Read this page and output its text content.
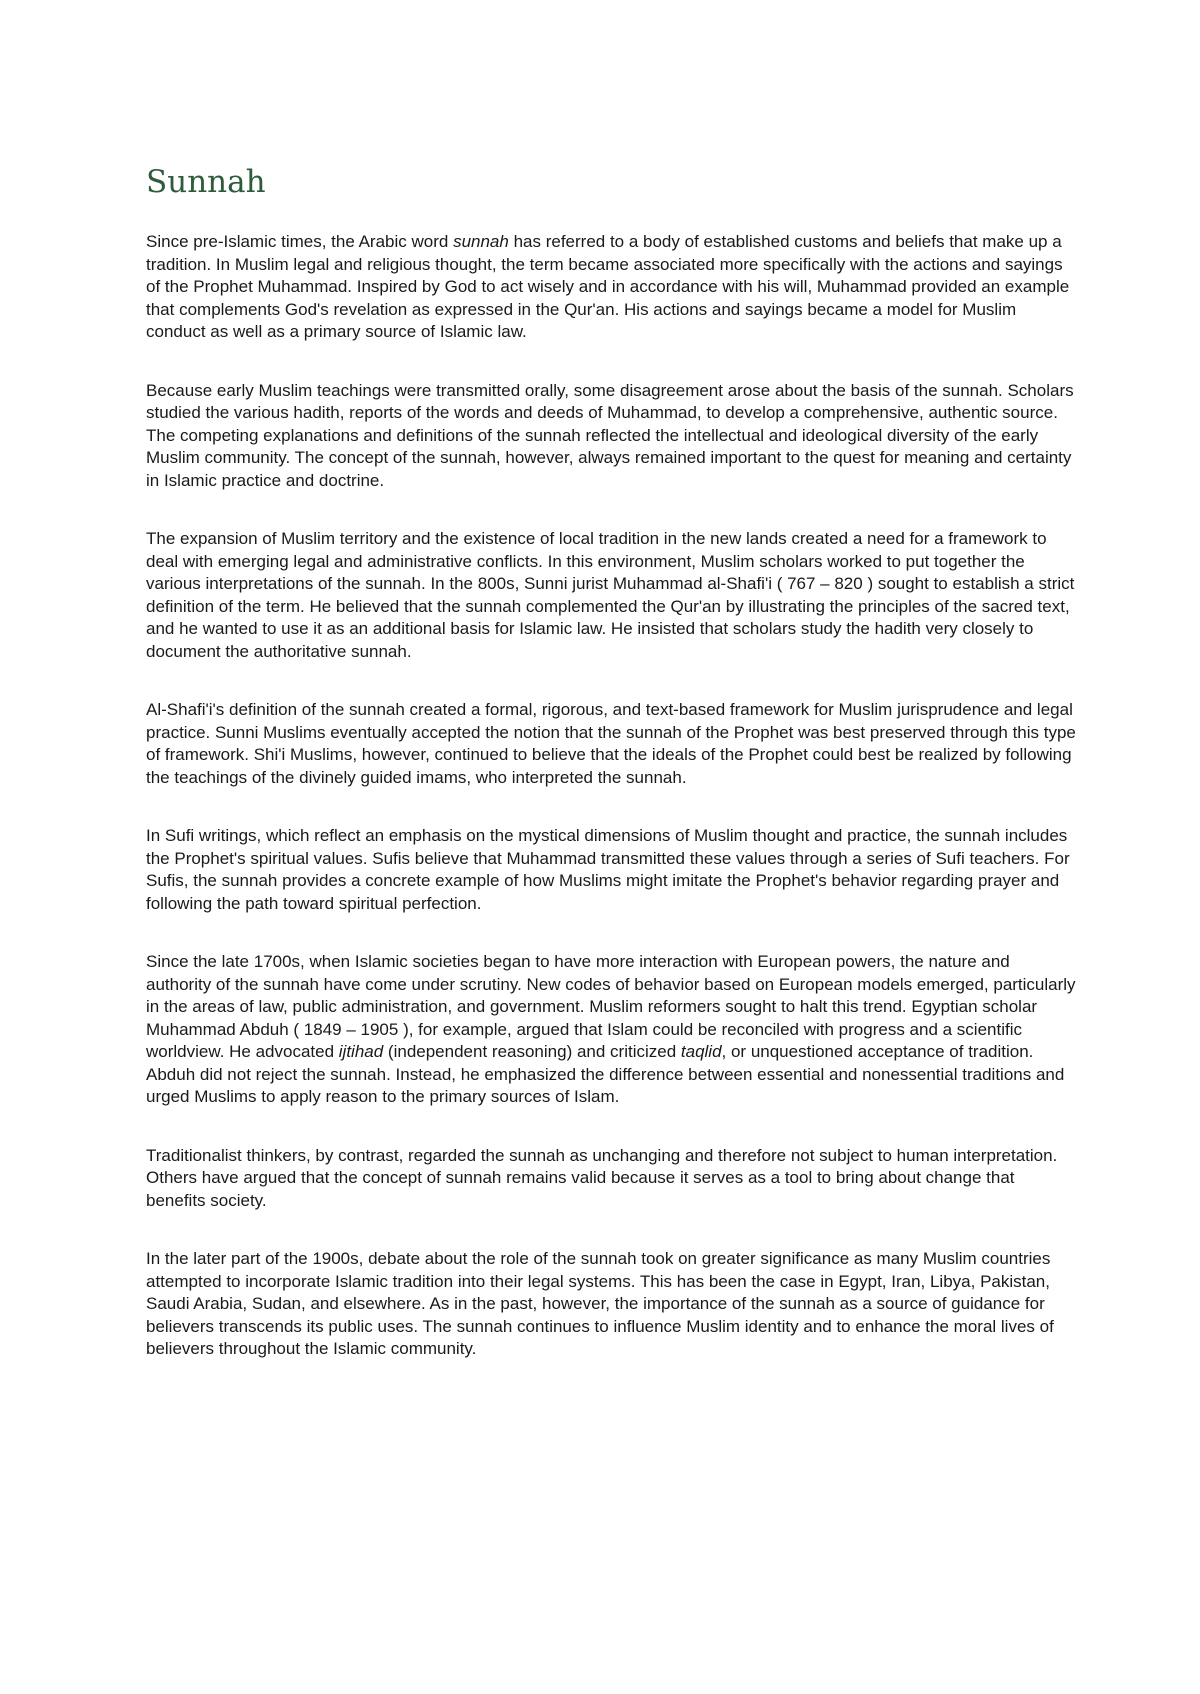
Sunnah

Since pre-Islamic times, the Arabic word sunnah has referred to a body of established customs and beliefs that make up a tradition. In Muslim legal and religious thought, the term became associated more specifically with the actions and sayings of the Prophet Muhammad. Inspired by God to act wisely and in accordance with his will, Muhammad provided an example that complements God's revelation as expressed in the Qur'an. His actions and sayings became a model for Muslim conduct as well as a primary source of Islamic law.

Because early Muslim teachings were transmitted orally, some disagreement arose about the basis of the sunnah. Scholars studied the various hadith, reports of the words and deeds of Muhammad, to develop a comprehensive, authentic source. The competing explanations and definitions of the sunnah reflected the intellectual and ideological diversity of the early Muslim community. The concept of the sunnah, however, always remained important to the quest for meaning and certainty in Islamic practice and doctrine.

The expansion of Muslim territory and the existence of local tradition in the new lands created a need for a framework to deal with emerging legal and administrative conflicts. In this environment, Muslim scholars worked to put together the various interpretations of the sunnah. In the 800s, Sunni jurist Muhammad al-Shafi'i ( 767 – 820 ) sought to establish a strict definition of the term. He believed that the sunnah complemented the Qur'an by illustrating the principles of the sacred text, and he wanted to use it as an additional basis for Islamic law. He insisted that scholars study the hadith very closely to document the authoritative sunnah.

Al-Shafi'i's definition of the sunnah created a formal, rigorous, and text-based framework for Muslim jurisprudence and legal practice. Sunni Muslims eventually accepted the notion that the sunnah of the Prophet was best preserved through this type of framework. Shi'i Muslims, however, continued to believe that the ideals of the Prophet could best be realized by following the teachings of the divinely guided imams, who interpreted the sunnah.

In Sufi writings, which reflect an emphasis on the mystical dimensions of Muslim thought and practice, the sunnah includes the Prophet's spiritual values. Sufis believe that Muhammad transmitted these values through a series of Sufi teachers. For Sufis, the sunnah provides a concrete example of how Muslims might imitate the Prophet's behavior regarding prayer and following the path toward spiritual perfection.

Since the late 1700s, when Islamic societies began to have more interaction with European powers, the nature and authority of the sunnah have come under scrutiny. New codes of behavior based on European models emerged, particularly in the areas of law, public administration, and government. Muslim reformers sought to halt this trend. Egyptian scholar Muhammad Abduh ( 1849 – 1905 ), for example, argued that Islam could be reconciled with progress and a scientific worldview. He advocated ijtihad (independent reasoning) and criticized taqlid, or unquestioned acceptance of tradition. Abduh did not reject the sunnah. Instead, he emphasized the difference between essential and nonessential traditions and urged Muslims to apply reason to the primary sources of Islam.

Traditionalist thinkers, by contrast, regarded the sunnah as unchanging and therefore not subject to human interpretation. Others have argued that the concept of sunnah remains valid because it serves as a tool to bring about change that benefits society.

In the later part of the 1900s, debate about the role of the sunnah took on greater significance as many Muslim countries attempted to incorporate Islamic tradition into their legal systems. This has been the case in Egypt, Iran, Libya, Pakistan, Saudi Arabia, Sudan, and elsewhere. As in the past, however, the importance of the sunnah as a source of guidance for believers transcends its public uses. The sunnah continues to influence Muslim identity and to enhance the moral lives of believers throughout the Islamic community.
